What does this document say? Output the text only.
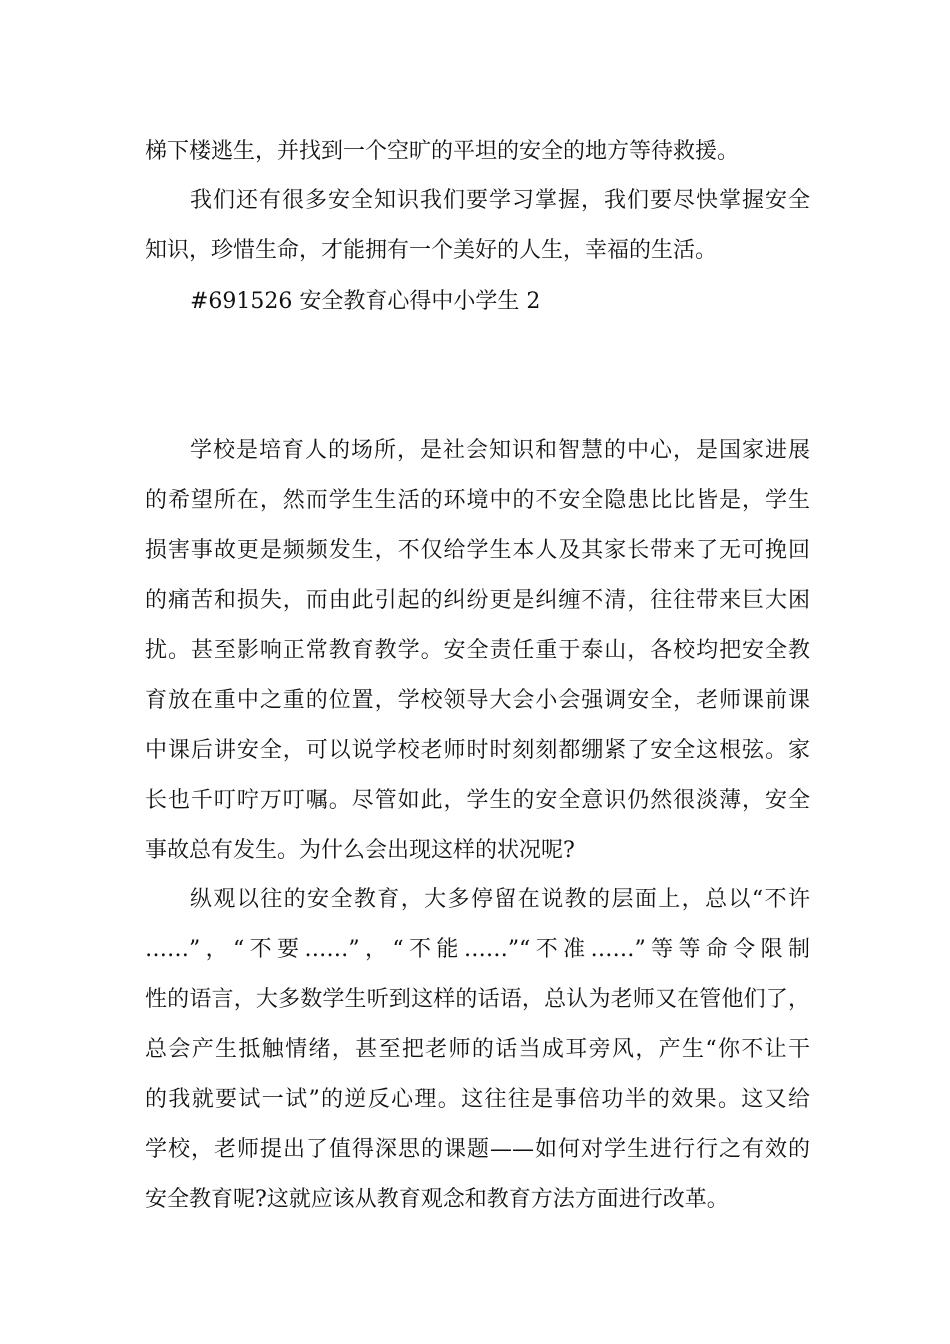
梯下楼逃生，并找到一个空旷的平坦的安全的地方等待救援。
我们还有很多安全知识我们要学习掌握，我们要尽快掌握安全
知识，珍惜生命，才能拥有一个美好的人生，幸福的生活。
#691526 安全教育心得中小学生 2
学校是培育人的场所，是社会知识和智慧的中心，是国家进展
的希望所在，然而学生生活的环境中的不安全隐患比比皆是，学生
损害事故更是频频发生，不仅给学生本人及其家长带来了无可挽回
的痛苦和损失，而由此引起的纠纷更是纠缠不清，往往带来巨大困
扰。甚至影响正常教育教学。安全责任重于泰山，各校均把安全教
育放在重中之重的位置，学校领导大会小会强调安全，老师课前课
中课后讲安全，可以说学校老师时时刻刻都绷紧了安全这根弦。家
长也千叮咛万叮嘱。尽管如此，学生的安全意识仍然很淡薄，安全
事故总有发生。为什么会出现这样的状况呢?
纵观以往的安全教育，大多停留在说教的层面上，总以“不许
……”，“不要……”，“不能……”“不准……”等等命令限制
性的语言，大多数学生听到这样的话语，总认为老师又在管他们了，
总会产生抵触情绪，甚至把老师的话当成耳旁风，产生“你不让干
的我就要试一试”的逆反心理。这往往是事倍功半的效果。这又给
学校，老师提出了值得深思的课题——如何对学生进行行之有效的
安全教育呢?这就应该从教育观念和教育方法方面进行改革。
